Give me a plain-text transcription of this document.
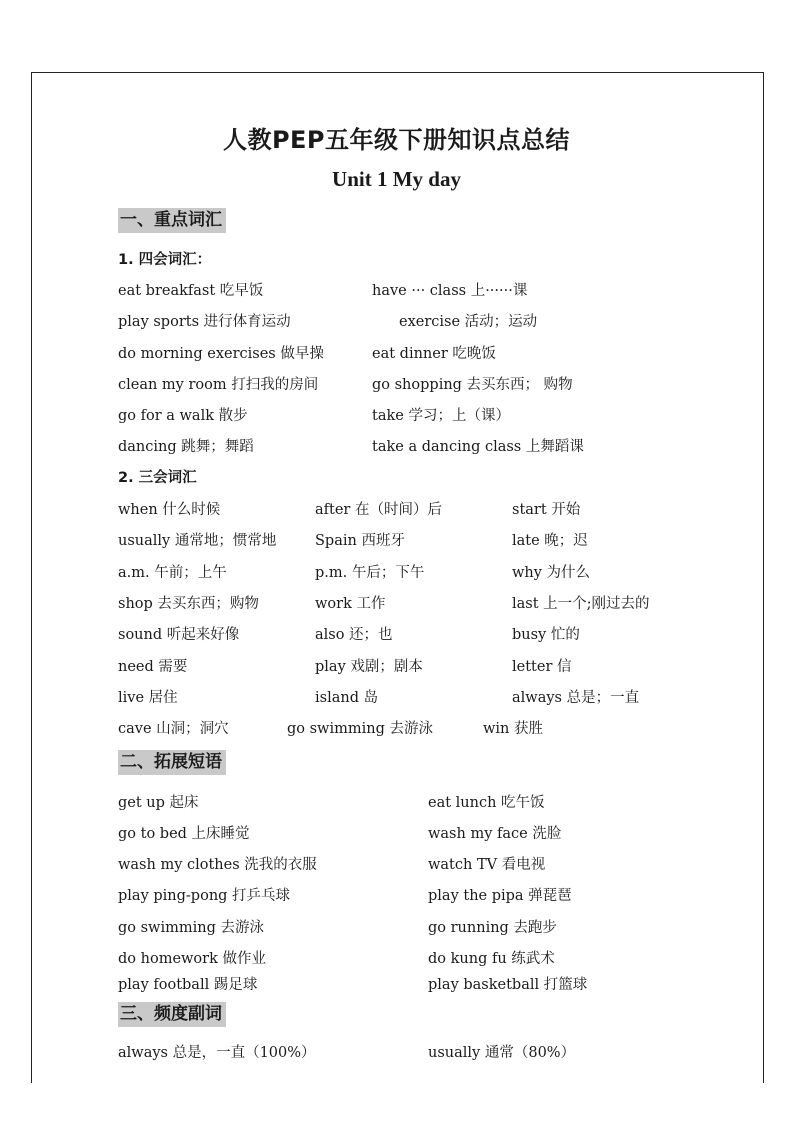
人教PEP五年级下册知识点总结
Unit 1 My day
一、重点词汇
1. 四会词汇：
eat breakfast 吃早饭	have ··· class 上······课
play sports 进行体育运动	exercise 活动；运动
do morning exercises 做早操	eat dinner 吃晚饭
clean my room 打扫我的房间	go shopping 去买东西； 购物
go for a walk 散步	take 学习；上（课）
dancing 跳舞；舞蹈	take a dancing class 上舞蹈课
2. 三会词汇
when 什么时候	after 在（时间）后	start 开始
usually 通常地；惯常地	Spain 西班牙	late 晚；迟
a.m. 午前；上午	p.m. 午后；下午	why 为什么
shop 去买东西；购物	work 工作	last 上一个;刚过去的
sound 听起来好像	also 还；也	busy 忙的
need 需要	play 戏剧；剧本	letter 信
live 居住	island 岛	always 总是；一直
cave 山洞；洞穴	go swimming 去游泳	win 获胜
二、拓展短语
get up 起床	eat lunch 吃午饭
go to bed 上床睡觉	wash my face 洗脸
wash my clothes 洗我的衣服	watch TV 看电视
play ping-pong 打乒乓球	play the pipa 弹琵琶
go swimming 去游泳	go running 去跑步
do homework 做作业	do kung fu 练武术
play football 踢足球	play basketball 打篮球
三、频度副词
always 总是，一直（100%）	usually 通常（80%）
